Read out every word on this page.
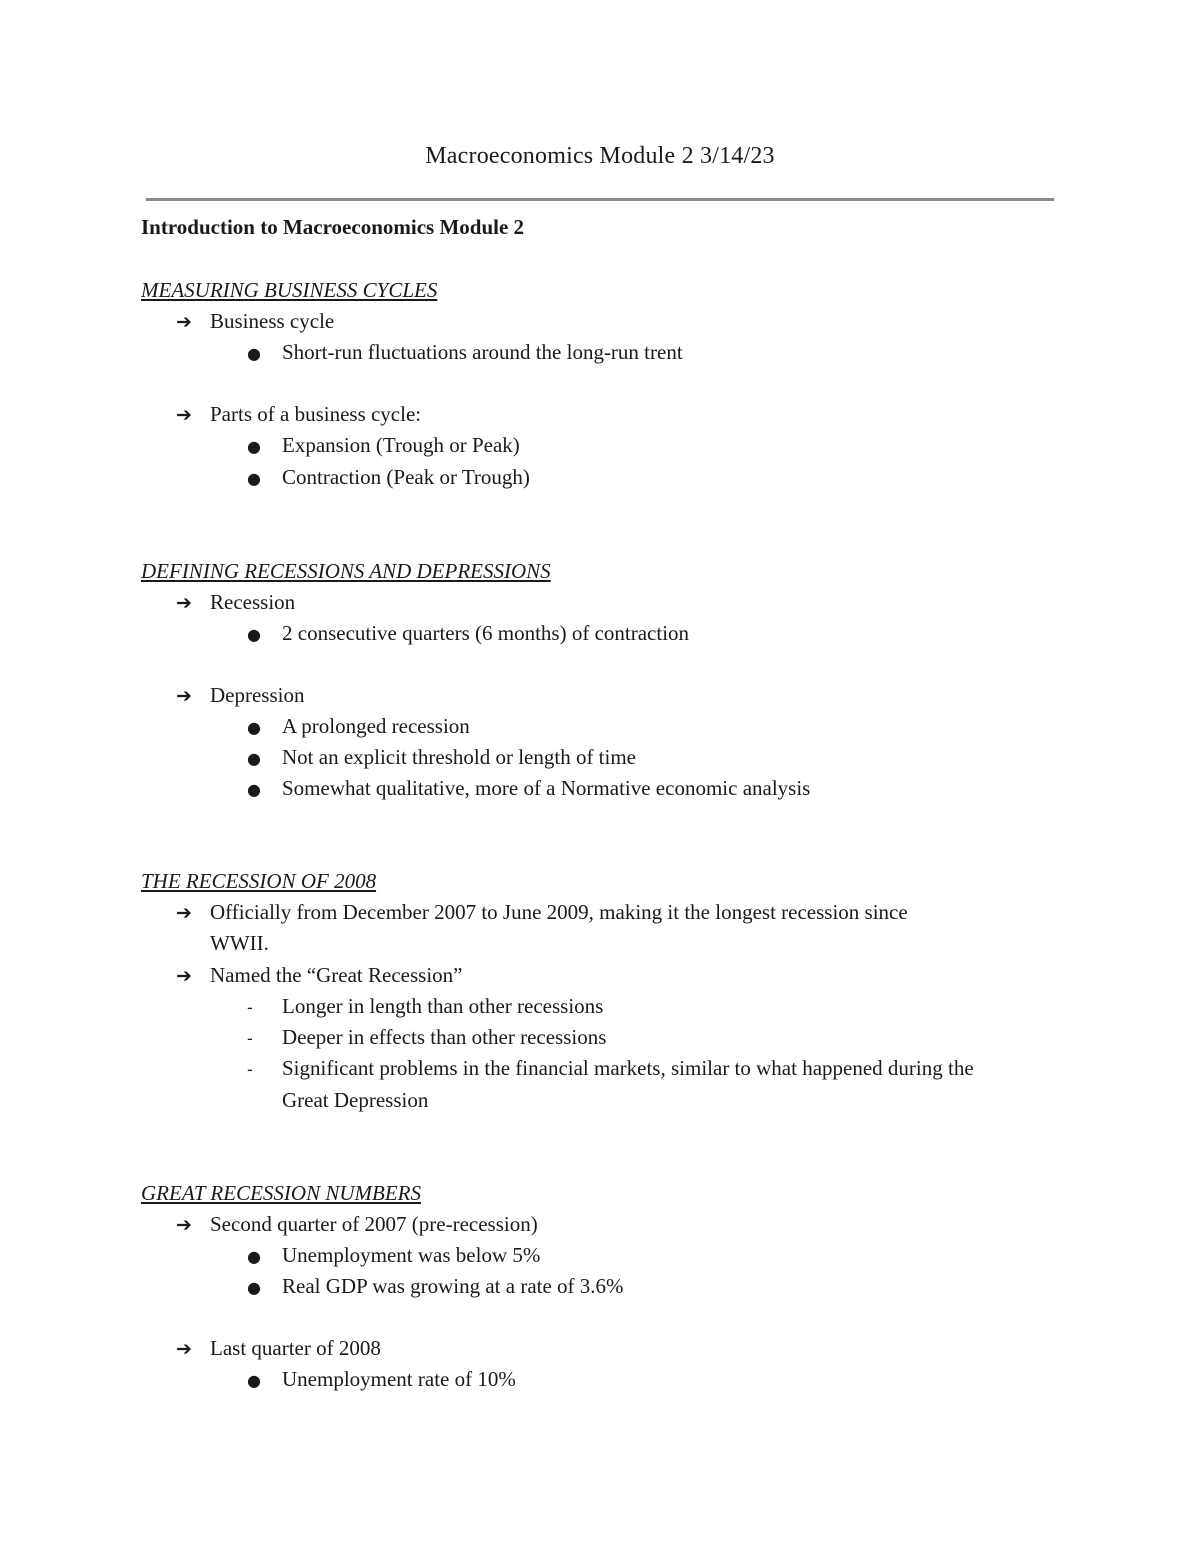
Macroeconomics Module 2 3/14/23
Introduction to Macroeconomics Module 2
MEASURING BUSINESS CYCLES
➔ Business cycle
● Short-run fluctuations around the long-run trent
➔ Parts of a business cycle:
● Expansion (Trough or Peak)
● Contraction (Peak or Trough)
DEFINING RECESSIONS AND DEPRESSIONS
➔ Recession
● 2 consecutive quarters (6 months) of contraction
➔ Depression
● A prolonged recession
● Not an explicit threshold or length of time
● Somewhat qualitative, more of a Normative economic analysis
THE RECESSION OF 2008
➔ Officially from December 2007 to June 2009, making it the longest recession since
WWII.
➔ Named the “Great Recession”
- Longer in length than other recessions
- Deeper in effects than other recessions
- Significant problems in the financial markets, similar to what happened during the
Great Depression
GREAT RECESSION NUMBERS
➔ Second quarter of 2007 (pre-recession)
● Unemployment was below 5%
● Real GDP was growing at a rate of 3.6%
➔ Last quarter of 2008
● Unemployment rate of 10%
